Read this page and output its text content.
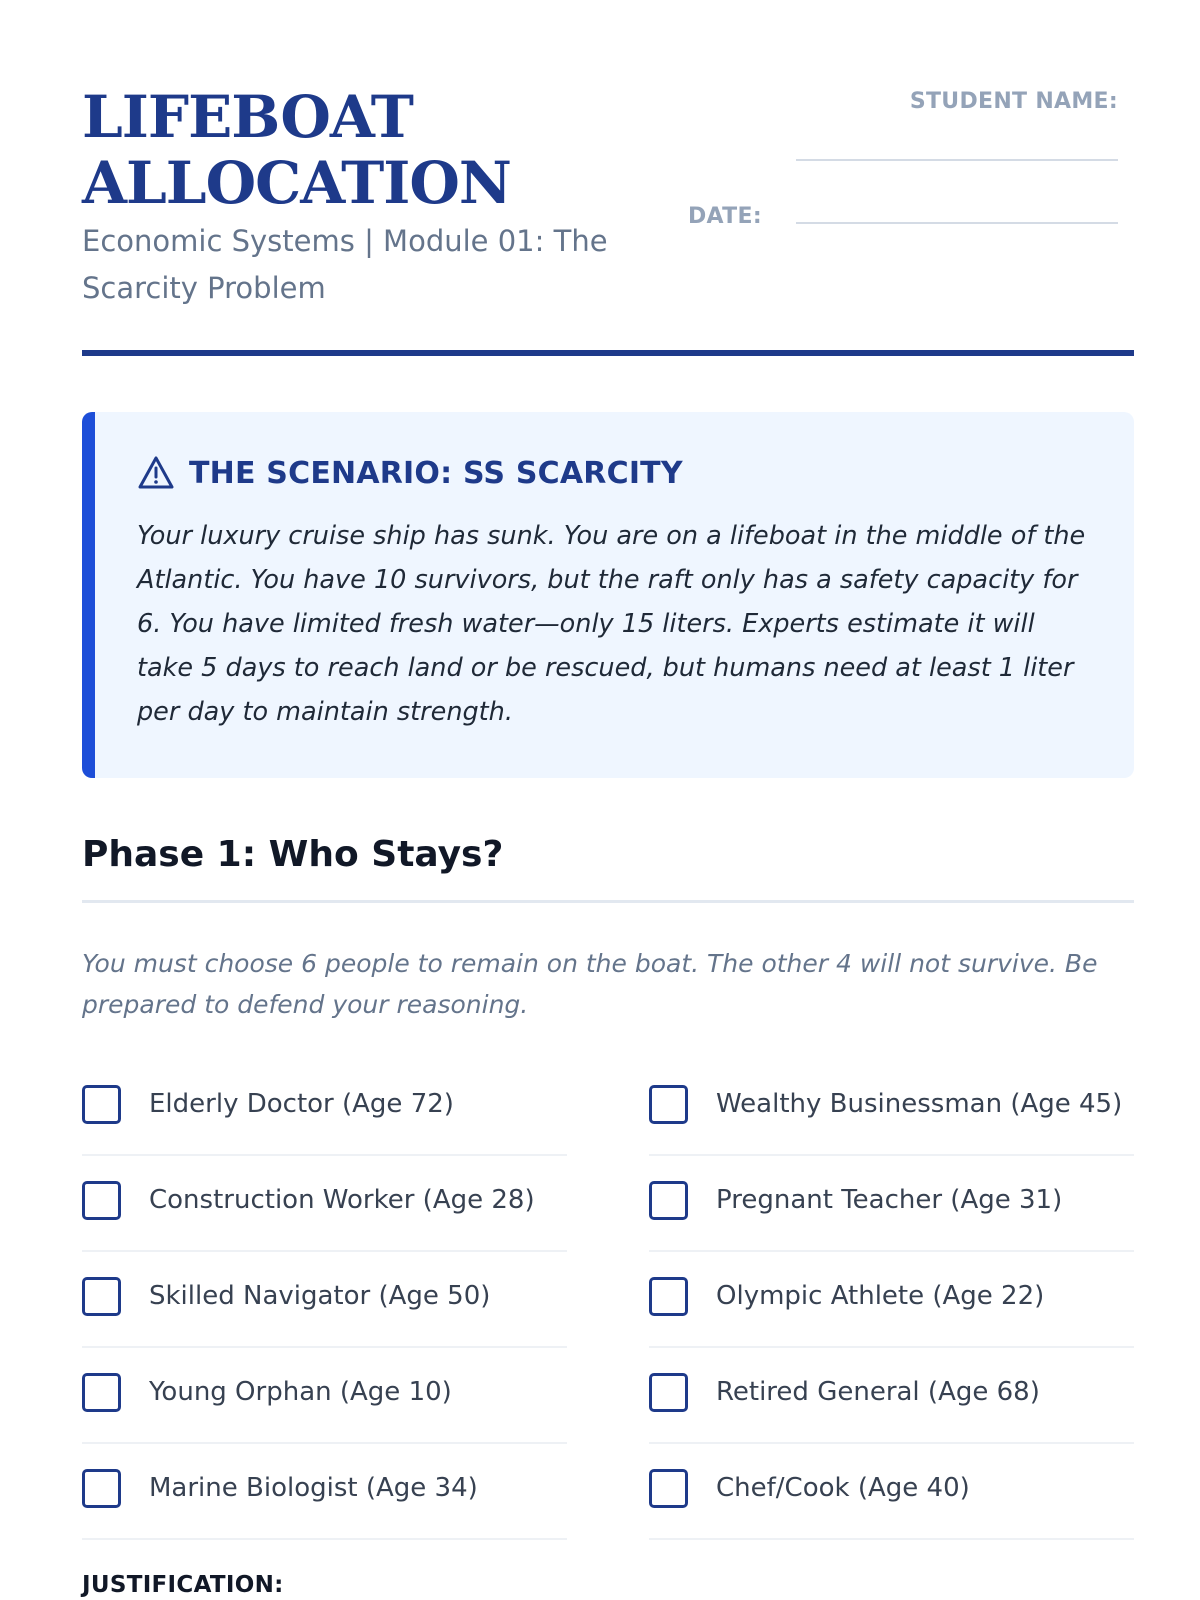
LIFEBOAT
ALLOCATION
Economic Systems | Module 01: The
Scarcity Problem
STUDENT NAME:
DATE:
THE SCENARIO: SS SCARCITY
Your luxury cruise ship has sunk. You are on a lifeboat in the middle of the Atlantic. You have 10 survivors, but the raft only has a safety capacity for 6. You have limited fresh water—only 15 liters. Experts estimate it will take 5 days to reach land or be rescued, but humans need at least 1 liter per day to maintain strength.
Phase 1: Who Stays?
You must choose 6 people to remain on the boat. The other 4 will not survive. Be prepared to defend your reasoning.
Elderly Doctor (Age 72)	Wealthy Businessman (Age 45)
Construction Worker (Age 28)	Pregnant Teacher (Age 31)
Skilled Navigator (Age 50)	Olympic Athlete (Age 22)
Young Orphan (Age 10)	Retired General (Age 68)
Marine Biologist (Age 34)	Chef/Cook (Age 40)
JUSTIFICATION:
